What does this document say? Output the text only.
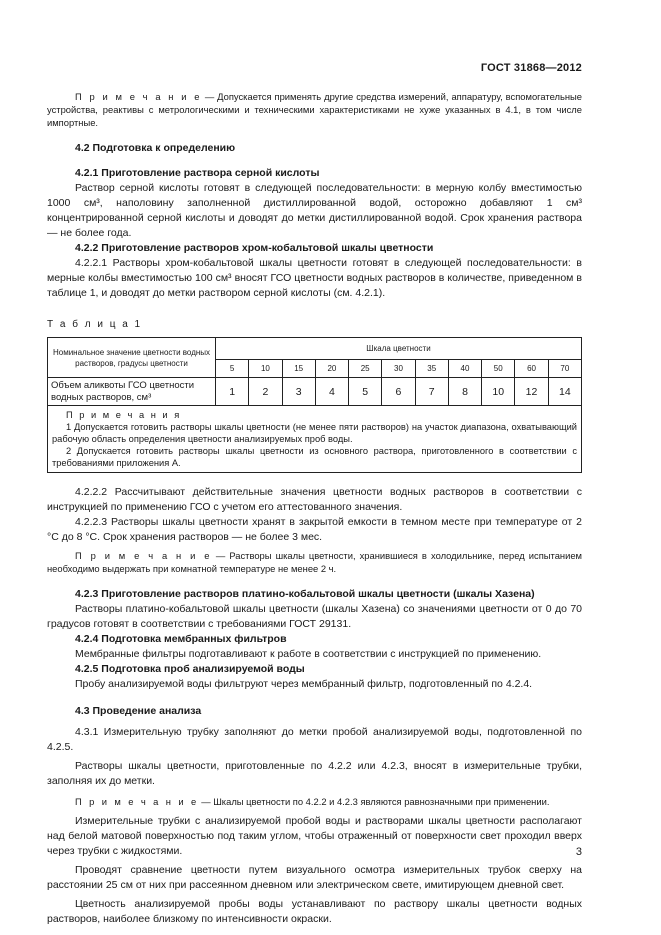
ГОСТ 31868—2012

П р и м е ч а н и е — Допускается применять другие средства измерений, аппаратуру, вспомогательные устройства, реактивы с метрологическими и техническими характеристиками не хуже указанных в 4.1, в том числе импортные.

4.2 Подготовка к определению
4.2.1 Приготовление раствора серной кислоты

Раствор серной кислоты готовят в следующей последовательности: в мерную колбу вместимостью 1000 см³, наполовину заполненной дистиллированной водой, осторожно добавляют 1 см³ концентрированной серной кислоты и доводят до метки дистиллированной водой. Срок хранения раствора — не более года.

4.2.2 Приготовление растворов хром-кобальтовой шкалы цветности

4.2.2.1 Растворы хром-кобальтовой шкалы цветности готовят в следующей последовательности: в мерные колбы вместимостью 100 см³ вносят ГСО цветности водных растворов в количестве, приведенном в таблице 1, и доводят до метки раствором серной кислоты (см. 4.2.1).

Т а б л и ц а 1
Номинальное значение цветности водных растворов, градусы цветности	Шкала цветности										
	5	10	15	20	25	30	35	40	50	60	70
Объем аликвоты ГСО цветности водных растворов, см³	1	2	3	4	5	6	7	8	10	12	14

П р и м е ч а н и я

1 Допускается готовить растворы шкалы цветности (не менее пяти растворов) на участок диапазона, охватывающий рабочую область определения цветности анализируемых проб воды.

2 Допускается готовить растворы шкалы цветности из основного раствора, приготовленного в соответствии с требованиями приложения А.

4.2.2.2 Рассчитывают действительные значения цветности водных растворов в соответствии с инструкцией по применению ГСО с учетом его аттестованного значения.

4.2.2.3 Растворы шкалы цветности хранят в закрытой емкости в темном месте при температуре от 2 °С до 8 °С. Срок хранения растворов — не более 3 мес.

П р и м е ч а н и е — Растворы шкалы цветности, хранившиеся в холодильнике, перед испытанием необходимо выдержать при комнатной температуре не менее 2 ч.

4.2.3 Приготовление растворов платино-кобальтовой шкалы цветности (шкалы Хазена)

Растворы платино-кобальтовой шкалы цветности (шкалы Хазена) со значениями цветности от 0 до 70 градусов готовят в соответствии с требованиями ГОСТ 29131.

4.2.4 Подготовка мембранных фильтров

Мембранные фильтры подготавливают к работе в соответствии с инструкцией по применению.

4.2.5 Подготовка проб анализируемой воды

Пробу анализируемой воды фильтруют через мембранный фильтр, подготовленный по 4.2.4.

4.3 Проведение анализа

4.3.1 Измерительную трубку заполняют до метки пробой анализируемой воды, подготовленной по 4.2.5.

Растворы шкалы цветности, приготовленные по 4.2.2 или 4.2.3, вносят в измерительные трубки, заполняя их до метки.

П р и м е ч а н и е — Шкалы цветности по 4.2.2 и 4.2.3 являются равнозначными при применении.

Измерительные трубки с анализируемой пробой воды и растворами шкалы цветности располагают над белой матовой поверхностью под таким углом, чтобы отраженный от поверхности свет проходил вверх через трубки с жидкостями.

Проводят сравнение цветности путем визуального осмотра измерительных трубок сверху на расстоянии 25 см от них при рассеянном дневном или электрическом свете, имитирующем дневной свет.

Цветность анализируемой пробы воды устанавливают по раствору шкалы цветности водных растворов, наиболее близкому по интенсивности окраски.

3
